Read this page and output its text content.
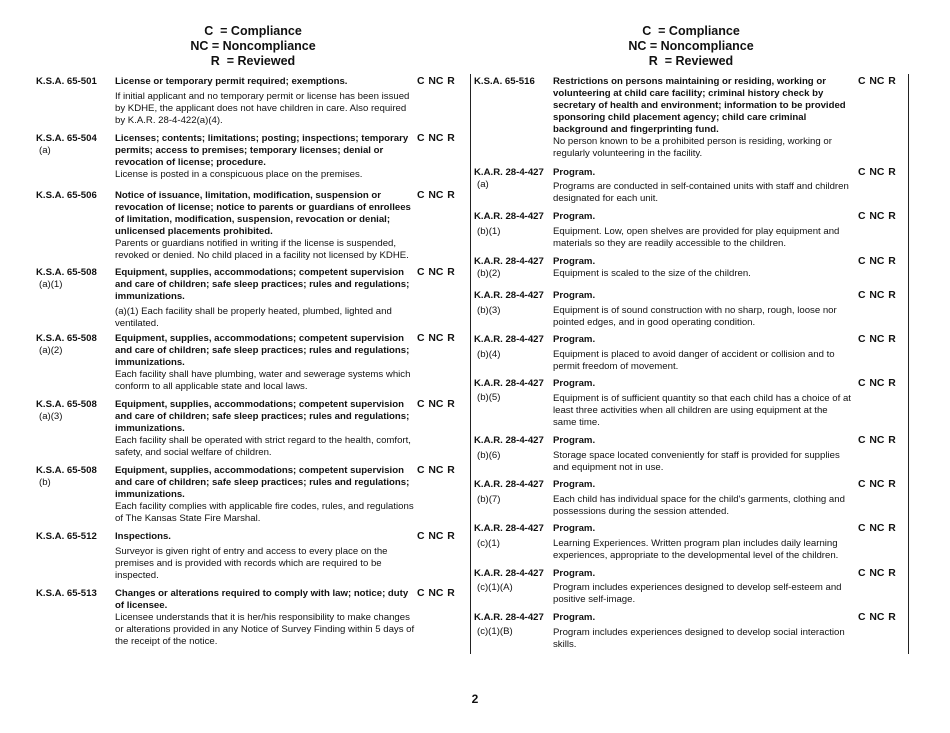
C  = Compliance
NC = Noncompliance
R  = Reviewed
C  = Compliance
NC = Noncompliance
R  = Reviewed
K.S.A. 65-501 License or temporary permit required; exemptions.
If initial applicant and no temporary permit or license has been issued by KDHE, the applicant does not have children in care. Also required by K.A.R. 28-4-422(a)(4).
C NC R
K.S.A. 65-504
(a)
Licenses; contents; limitations; posting; inspections; temporary permits; access to premises; temporary licenses; denial or revocation of license; procedure.
License is posted in a conspicuous place on the premises.
C NC R
K.S.A. 65-506 Notice of issuance, limitation, modification, suspension or revocation of license; notice to parents or guardians of enrollees of limitation, modification, suspension, revocation or denial; unlicensed placements prohibited.
Parents or guardians notified in writing if the license is suspended, revoked or denied. No child placed in a facility not licensed by KDHE.
C NC R
K.S.A. 65-508
(a)(1)
Equipment, supplies, accommodations; competent supervision and care of children; safe sleep practices; rules and regulations; immunizations.
(a)(1) Each facility shall be properly heated, plumbed, lighted and ventilated.
C NC R
K.S.A. 65-508
(a)(2)
Equipment, supplies, accommodations; competent supervision and care of children; safe sleep practices; rules and regulations; immunizations.
Each facility shall have plumbing, water and sewerage systems which conform to all applicable state and local laws.
C NC R
K.S.A. 65-508
(a)(3)
Equipment, supplies, accommodations; competent supervision and care of children; safe sleep practices; rules and regulations; immunizations.
Each facility shall be operated with strict regard to the health, comfort, safety, and social welfare of children.
C NC R
K.S.A. 65-508
(b)
Equipment, supplies, accommodations; competent supervision and care of children; safe sleep practices; rules and regulations; immunizations.
Each facility complies with applicable fire codes, rules, and regulations of The Kansas State Fire Marshal.
C NC R
K.S.A. 65-512 Inspections.
Surveyor is given right of entry and access to every place on the premises and is provided with records which are required to be inspected.
C NC R
K.S.A. 65-513 Changes or alterations required to comply with law; notice; duty of licensee.
Licensee understands that it is her/his responsibility to make changes or alterations provided in any Notice of Survey Finding within 5 days of the receipt of the notice.
C NC R
K.S.A. 65-516 Restrictions on persons maintaining or residing, working or volunteering at child care facility; criminal history check by secretary of health and environment; information to be provided sponsoring child placement agency; child care criminal background and fingerprinting fund.
No person known to be a prohibited person is residing, working or regularly volunteering in the facility.
C NC R
K.A.R. 28-4-427
(a)
Program.
Programs are conducted in self-contained units with staff and children designated for each unit.
C NC R
K.A.R. 28-4-427
(b)(1)
Program.
Equipment. Low, open shelves are provided for play equipment and materials so they are readily accessible to the children.
C NC R
K.A.R. 28-4-427
(b)(2)
Program.
Equipment is scaled to the size of the children.
C NC R
K.A.R. 28-4-427
(b)(3)
Program.
Equipment is of sound construction with no sharp, rough, loose nor pointed edges, and in good operating condition.
C NC R
K.A.R. 28-4-427
(b)(4)
Program.
Equipment is placed to avoid danger of accident or collision and to permit freedom of movement.
C NC R
K.A.R. 28-4-427
(b)(5)
Program.
Equipment is of sufficient quantity so that each child has a choice of at least three activities when all children are using equipment at the same time.
C NC R
K.A.R. 28-4-427
(b)(6)
Program.
Storage space located conveniently for staff is provided for supplies and equipment not in use.
C NC R
K.A.R. 28-4-427
(b)(7)
Program.
Each child has individual space for the child's garments, clothing and possessions during the session attended.
C NC R
K.A.R. 28-4-427
(c)(1)
Program.
Learning Experiences. Written program plan includes daily learning experiences, appropriate to the developmental level of the children.
C NC R
K.A.R. 28-4-427
(c)(1)(A)
Program.
Program includes experiences designed to develop self-esteem and positive self-image.
C NC R
K.A.R. 28-4-427
(c)(1)(B)
Program.
Program includes experiences designed to develop social interaction skills.
C NC R
2
